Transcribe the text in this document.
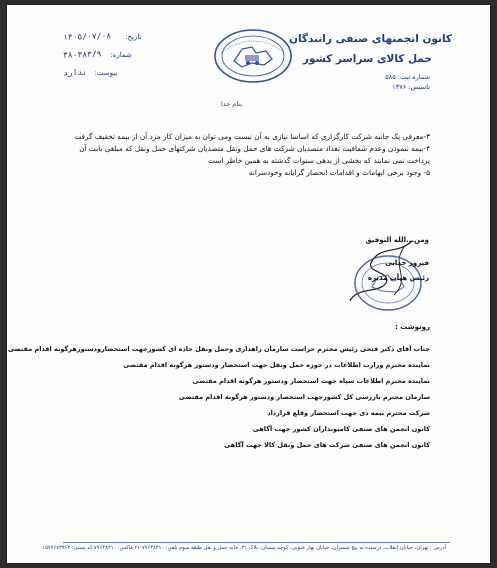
کانون انجمنهای صنفی رانندگان
حمل کالای سراسر کشور
شماره ثبت: ۵۸۵
تاسیس: ۱۳۷۶
تاریخ: ۱۴۰۵/۰۷/۰۸
شماره: ۳۸-۳۸۳/۹
پیوست: ندارد
بنام خدا

۳-معرفی یک جانبه شرکت کارگزاری که اساسا نیازی به آن نیست ومی توان به میزان کار مزد آن از بیمه تخفیف گرفت

۴-بیمه ننمودن وعدم شفافیت تعداد متصدیان شرکت های حمل ونقل متصدیان شرکتهای حمل ونقل که مبلغی بابت آن

پرداخت نمی نمایند که بخشی از بدهی سنوات گذشته به همین خاطر است

۵- وجود برخی ابهامات و اقدامات انحصار گرایانه وخودسرانه

ومن...الله التوفیق
فیروز خدایی
رئیس هیأت مدیره
رونوشت :
جناب آقای دکتر فتحی رئیس محترم حراست سازمان راهداری وحمل ونقل جاده ای کشورجهت استحضارودستورهرگونه اقدام مقتضی
نماینده محترم وزارت اطلاعات در حوزه حمل ونقل جهت استحضار ودستور هرگونه اقدام مقتضی
نماینده محترم اطلاعات سپاه جهت استحضار ودستور هرگونه اقدام مقتضی
سازمان محترم بازرسی کل کشورجهت استحضار ودستور هرگونه اقدام مقتضی
شرکت محترم بیمه دی جهت استحضار وقلع قرارداد
کانون انجمن های صنفی کامیونداران کشور جهت آگاهی
کانون انجمن های صنفی شرکت های حمل ونقل کالا جهت آگاهی
آدرس : تهران، خیابان انقلاب، درسیده به پیچ شمیران، خیابان بهار جنوبی، کوچه سمنان، پلاک ۳۱، خانه حمل و نقل طبقه سوم تلفن: ۷۷۶۴۸۳۱۰-۲۱ فاکس: ۷۷۶۴۸۳۱۰ کد پستی: ۱۵۷۷۶۷۳۹۶۳
